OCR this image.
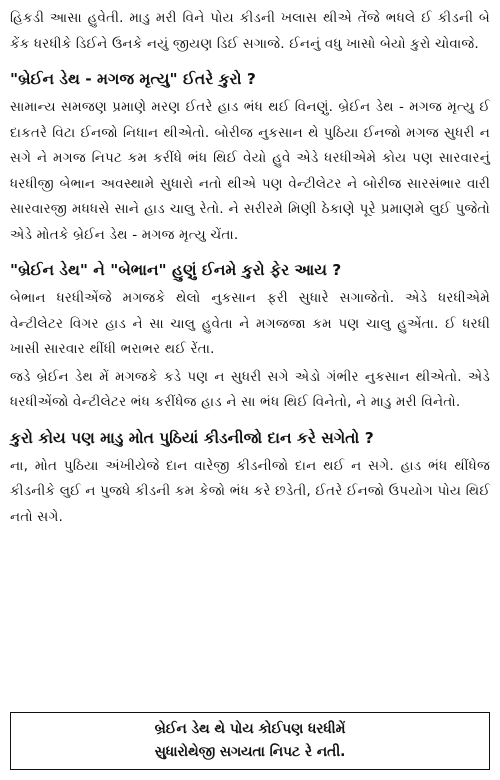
હિકડી આસા હુવેતી. માડુ મરી વિને પોય કીડની ખલાસ થીએ તેંજે ભધલે ઈ કીડની બે કેંક ધરધીકે ડિઈને ઉનકે નયું જીયણ ડિઈ સગાજે. ઈનનું વધુ ખાસો બેયો કુરો ચોવાજે.

"બ્રેઈન ડેથ - મગજ મૃત્યુ" ઈતરે કુરો ?

સામાન્ય સમજણ પ્રમાણે મરણ ઈતરે હાડ ભંધ થઈ વિનણું. બ્રેઈન ડેથ - મગજ મૃત્યુ ઈ દાકતરે વિટા ઈનજો નિધાન થીએતો. બોરીજ નુકસાન થે પુઠિયા ઈનજો મગજ સુધરી ન સગે ને મગજ નિપટ કમ કરીંધે ભંધ થિઈ વેયો હુવે એડે ધરધીએમે કોય પણ સારવારનું ધરધીજી બેભાન અવસ્થામે સુધારો નતો થીએ પણ વેન્ટીલેટર ને બોરીજ સારસંભાર વારી સારવારજી મધધસે સાને હાડ ચાલુ રેતો. ને સરીરમે મિણી ઠેકાણે પૂરે પ્રમાણમે લુઈ પુજેતો એડે મોતકે બ્રેઈન ડેથ - મગજ મૃત્યુ ચેંતા.

"બ્રેઈન ડેથ" ને "બેભાન" હુણું ઈનમે કુરો ફેર આય ?

બેભાન ધરધીએંજે મગજકે થેલો નુકસાન ફરી સુધારે સગાજેતો. એડે ધરધીએમે વેન્ટીલેટર વિગર હાડ ને સા ચાલુ હુવેતા ને મગજજા કમ પણ ચાલુ હુએંતા. ઈ ધરધી ખાસી સારવાર થીંધી ભરાભર થઈ રેંતા.

જડે બ્રેઈન ડેથ મેં મગજકે કડે પણ ન સુધરી સગે એડો ગંભીર નુકસાન થીએતો. એડે ધરધીએંજો વેન્ટીલેટર ભંધ કરીંધેજ હાડ ને સા ભંધ થિઈ વિનેતો, ને માડુ મરી વિનેતો.

કુરો કોય પણ માડુ મોત પુઠિયાં કીડનીજો દાન કરે સગેતો ?

ના, મોત પુઠિયા અંખીયેજે દાન વારેજી કીડનીજો દાન થઈ ન સગે. હાડ ભંધ થીંધેજ કીડનીકે લુઈ ન પુજધે કીડની કમ કેજો ભંધ કરે છડેતી, ઈતરે ઈનજો ઉપયોગ પોય થિઈ નતો સગે.

બ્રેઈન ડેથ થે પોય કોઈપણ ધરધીમેં
સુધારોથેજી સગયતા નિપટ રે નતી.
